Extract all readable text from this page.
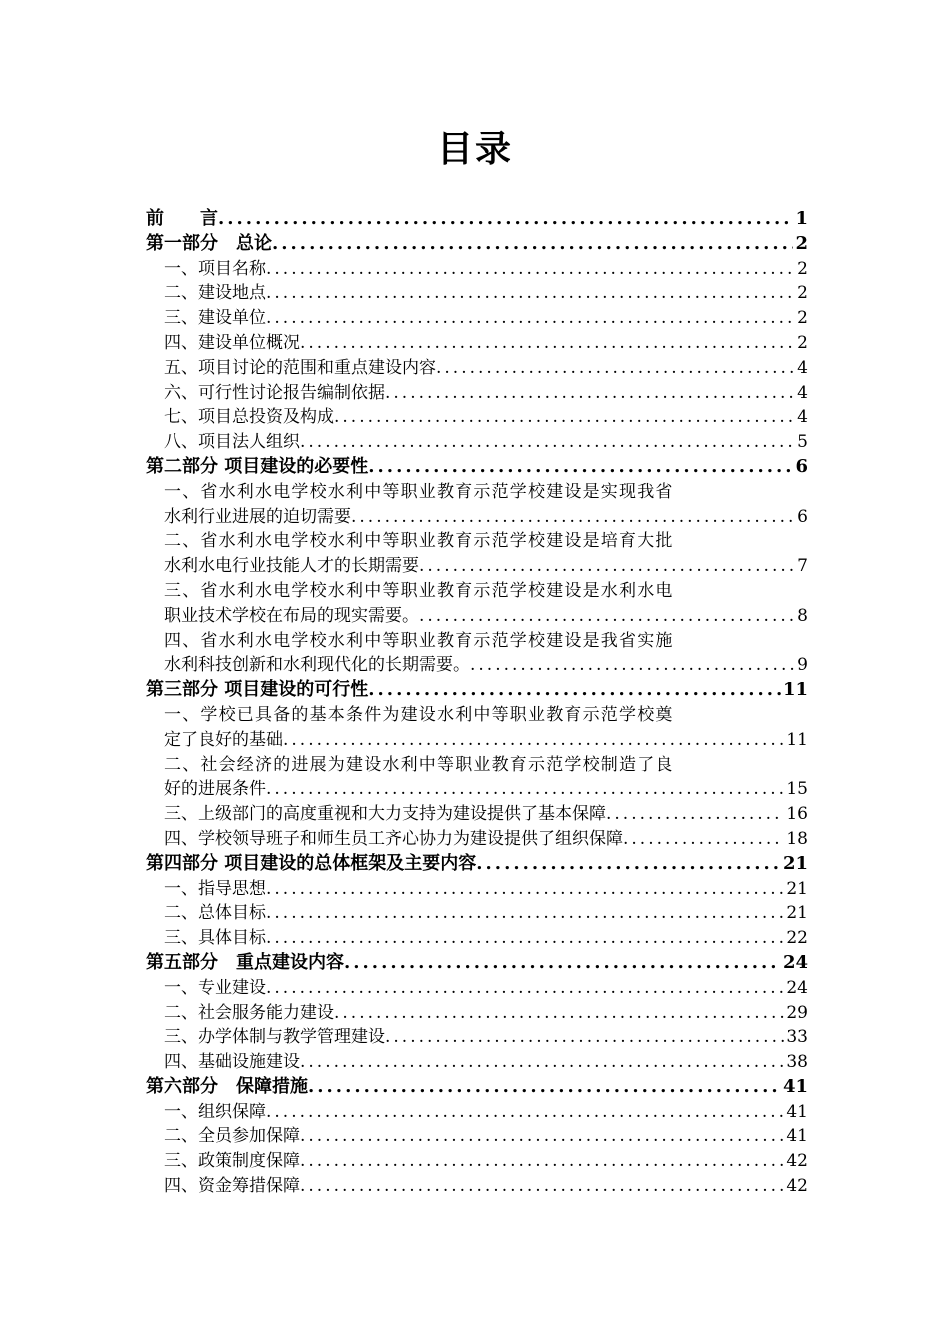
目录
前　　言 .....	1
第一部分　总论 .....	2
一、项目名称 .....	2
二、建设地点 .....	2
三、建设单位 .....	2
四、建设单位概况 .....	2
五、项目讨论的范围和重点建设内容 .....	4
六、可行性讨论报告编制依据 .....	4
七、项目总投资及构成 .....	4
八、项目法人组织 .....	5
第二部分 项目建设的必要性 .....	6
一、省水利水电学校水利中等职业教育示范学校建设是实现我省
水利行业进展的迫切需要 .....	6
二、省水利水电学校水利中等职业教育示范学校建设是培育大批
水利水电行业技能人才的长期需要 .....	7
三、省水利水电学校水利中等职业教育示范学校建设是水利水电
职业技术学校在布局的现实需要。 .....	8
四、省水利水电学校水利中等职业教育示范学校建设是我省实施
水利科技创新和水利现代化的长期需要。 .....	9
第三部分 项目建设的可行性 .....	11
一、学校已具备的基本条件为建设水利中等职业教育示范学校奠
定了良好的基础 .....	11
二、社会经济的进展为建设水利中等职业教育示范学校制造了良
好的进展条件 .....	15
三、上级部门的高度重视和大力支持为建设提供了基本保障 .....	16
四、学校领导班子和师生员工齐心协力为建设提供了组织保障 .....	18
第四部分 项目建设的总体框架及主要内容 .....	21
一、指导思想 .....	21
二、总体目标 .....	21
三、具体目标 .....	22
第五部分　重点建设内容 .....	24
一、专业建设 .....	24
二、社会服务能力建设 .....	29
三、办学体制与教学管理建设 .....	33
四、基础设施建设 .....	38
第六部分　保障措施 .....	41
一、组织保障 .....	41
二、全员参加保障 .....	41
三、政策制度保障 .....	42
四、资金筹措保障 .....	42
